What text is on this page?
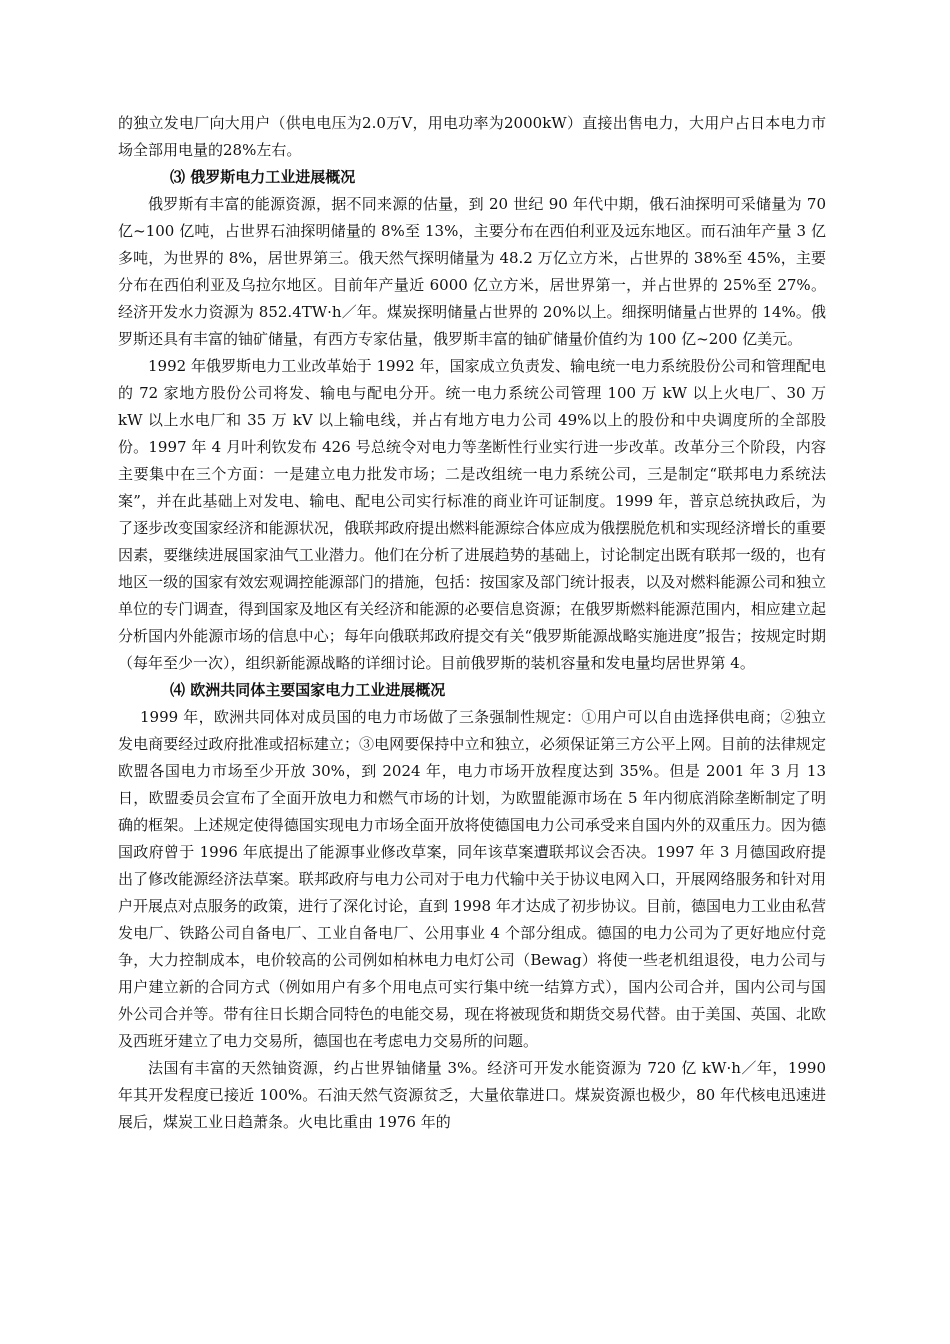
的独立发电厂向大用户（供电电压为2.0万V，用电功率为2000kW）直接出售电力，大用户占日本电力市场全部用电量的28%左右。

⑶ 俄罗斯电力工业进展概况

俄罗斯有丰富的能源资源，据不同来源的估量，到 20 世纪 90 年代中期，俄石油探明可采储量为 70 亿~100 亿吨，占世界石油探明储量的 8%至 13%，主要分布在西伯利亚及远东地区。而石油年产量 3 亿多吨，为世界的 8%，居世界第三。俄天然气探明储量为 48.2 万亿立方米，占世界的 38%至 45%，主要分布在西伯利亚及乌拉尔地区。目前年产量近 6000 亿立方米，居世界第一，并占世界的 25%至 27%。经济开发水力资源为 852.4TW·h／年。煤炭探明储量占世界的 20%以上。细探明储量占世界的 14%。俄罗斯还具有丰富的铀矿储量，有西方专家估量，俄罗斯丰富的铀矿储量价值约为 100 亿~200 亿美元。

1992 年俄罗斯电力工业改革始于 1992 年，国家成立负责发、输电统一电力系统股份公司和管理配电的 72 家地方股份公司将发、输电与配电分开。统一电力系统公司管理 100 万 kW 以上火电厂、30 万 kW 以上水电厂和 35 万 kV 以上输电线，并占有地方电力公司 49%以上的股份和中央调度所的全部股份。1997 年 4 月叶利钦发布 426 号总统令对电力等垄断性行业实行进一步改革。改革分三个阶段，内容主要集中在三个方面：一是建立电力批发市场；二是改组统一电力系统公司，三是制定“联邦电力系统法案”，并在此基础上对发电、输电、配电公司实行标准的商业许可证制度。1999 年，普京总统执政后，为了逐步改变国家经济和能源状况，俄联邦政府提出燃料能源综合体应成为俄摆脱危机和实现经济增长的重要因素，要继续进展国家油气工业潜力。他们在分析了进展趋势的基础上，讨论制定出既有联邦一级的，也有地区一级的国家有效宏观调控能源部门的措施，包括：按国家及部门统计报表，以及对燃料能源公司和独立单位的专门调查，得到国家及地区有关经济和能源的必要信息资源；在俄罗斯燃料能源范围内，相应建立起分析国内外能源市场的信息中心；每年向俄联邦政府提交有关“俄罗斯能源战略实施进度”报告；按规定时期（每年至少一次），组织新能源战略的详细讨论。目前俄罗斯的装机容量和发电量均居世界第 4。

⑷ 欧洲共同体主要国家电力工业进展概况

1999 年，欧洲共同体对成员国的电力市场做了三条强制性规定：①用户可以自由选择供电商；②独立发电商要经过政府批准或招标建立；③电网要保持中立和独立，必须保证第三方公平上网。目前的法律规定欧盟各国电力市场至少开放 30%，到 2024 年，电力市场开放程度达到 35%。但是 2001 年 3 月 13 日，欧盟委员会宣布了全面开放电力和燃气市场的计划，为欧盟能源市场在 5 年内彻底消除垄断制定了明确的框架。上述规定使得德国实现电力市场全面开放将使德国电力公司承受来自国内外的双重压力。因为德国政府曾于 1996 年底提出了能源事业修改草案，同年该草案遭联邦议会否决。1997 年 3 月德国政府提出了修改能源经济法草案。联邦政府与电力公司对于电力代输中关于协议电网入口，开展网络服务和针对用户开展点对点服务的政策，进行了深化讨论，直到 1998 年才达成了初步协议。目前，德国电力工业由私营发电厂、铁路公司自备电厂、工业自备电厂、公用事业 4 个部分组成。德国的电力公司为了更好地应付竞争，大力控制成本，电价较高的公司例如柏林电力电灯公司（Bewag）将使一些老机组退役，电力公司与用户建立新的合同方式（例如用户有多个用电点可实行集中统一结算方式），国内公司合并，国内公司与国外公司合并等。带有往日长期合同特色的电能交易，现在将被现货和期货交易代替。由于美国、英国、北欧及西班牙建立了电力交易所，德国也在考虑电力交易所的问题。

法国有丰富的天然铀资源，约占世界铀储量 3%。经济可开发水能资源为 720 亿 kW·h／年，1990 年其开发程度已接近 100%。石油天然气资源贫乏，大量依靠进口。煤炭资源也极少，80 年代核电迅速进展后，煤炭工业日趋萧条。火电比重由 1976 年的
